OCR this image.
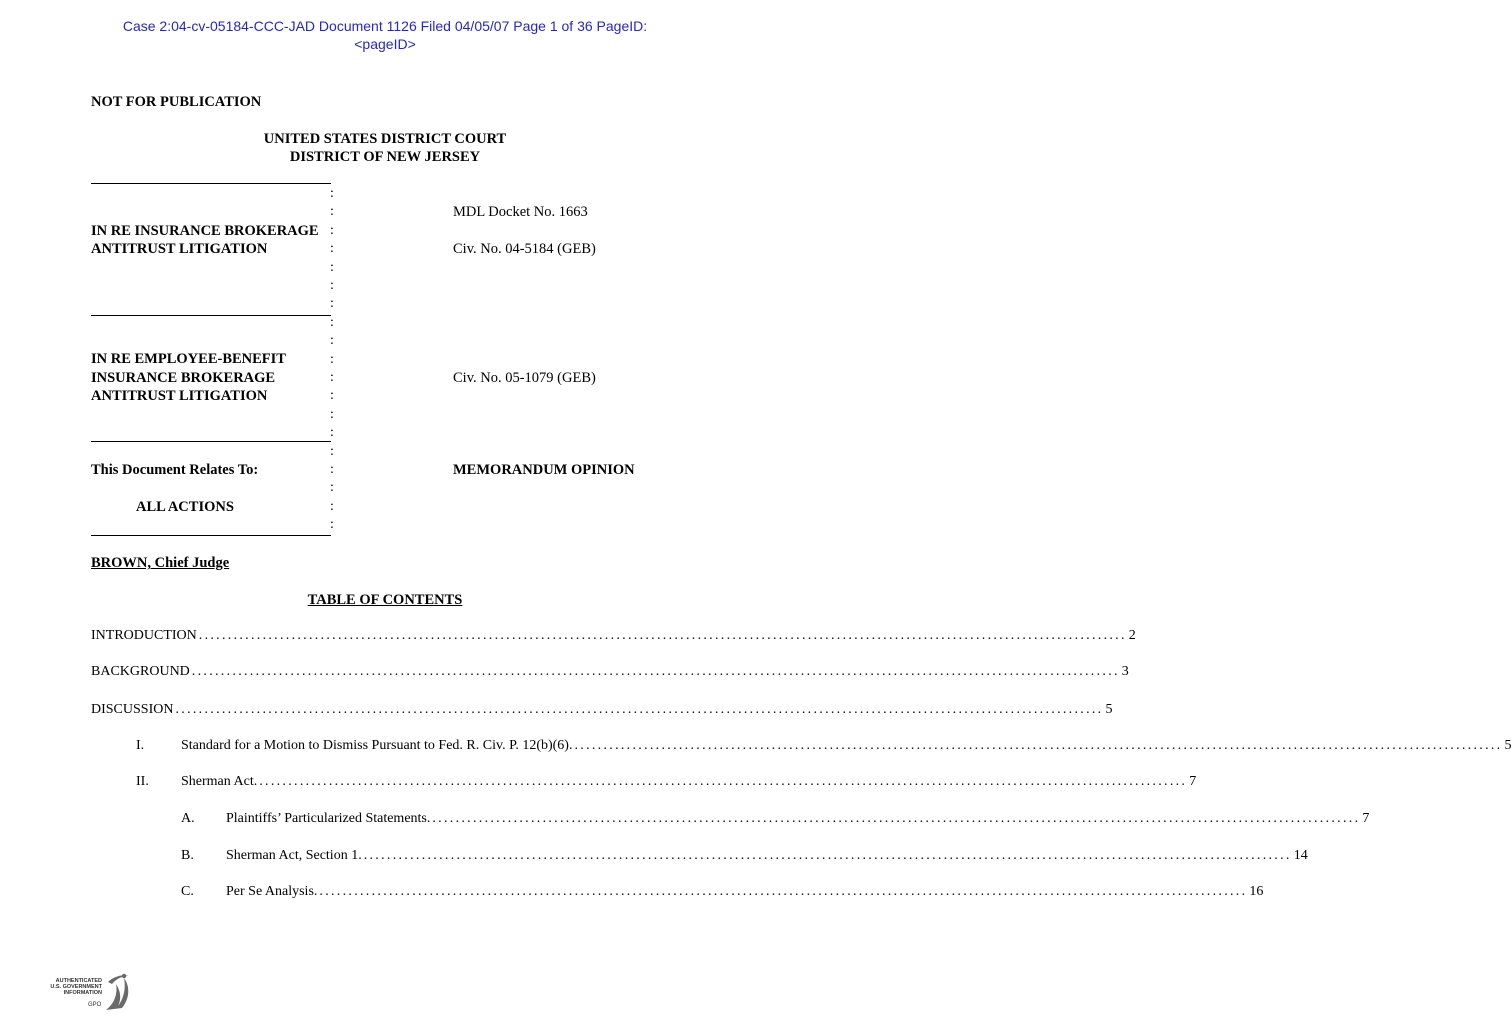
Case 2:04-cv-05184-CCC-JAD Document 1126 Filed 04/05/07 Page 1 of 36 PageID:
<pageID>
NOT FOR PUBLICATION
UNITED STATES DISTRICT COURT
DISTRICT OF NEW JERSEY
:
:
:
:
:
:
:
:
:
:
:
:
:
:
:
:
:
:
:
IN RE INSURANCE BROKERAGE
ANTITRUST LITIGATION
IN RE EMPLOYEE-BENEFIT
INSURANCE BROKERAGE
ANTITRUST LITIGATION
This Document Relates To:
ALL ACTIONS
MDL Docket No. 1663
Civ. No. 04-5184 (GEB)
Civ. No. 05-1079 (GEB)
MEMORANDUM OPINION
BROWN, Chief Judge
TABLE OF CONTENTS
INTRODUCTION ................................................................................................................................................................ 2
BACKGROUND ................................................................................................................................................................ 3
DISCUSSION ................................................................................................................................................................ 5
I.	Standard for a Motion to Dismiss Pursuant to Fed. R. Civ. P. 12(b)(6). ................................................................................................................................................................ 5
II. Sherman Act. ................................................................................................................................................................ 7
A. Plaintiffs’ Particularized Statements. ................................................................................................................................................................ 7
B. Sherman Act, Section 1. ................................................................................................................................................................ 14
C. Per Se Analysis. ................................................................................................................................................................ 16
AUTHENTICATED
U.S. GOVERNMENT
INFORMATION
GPO
